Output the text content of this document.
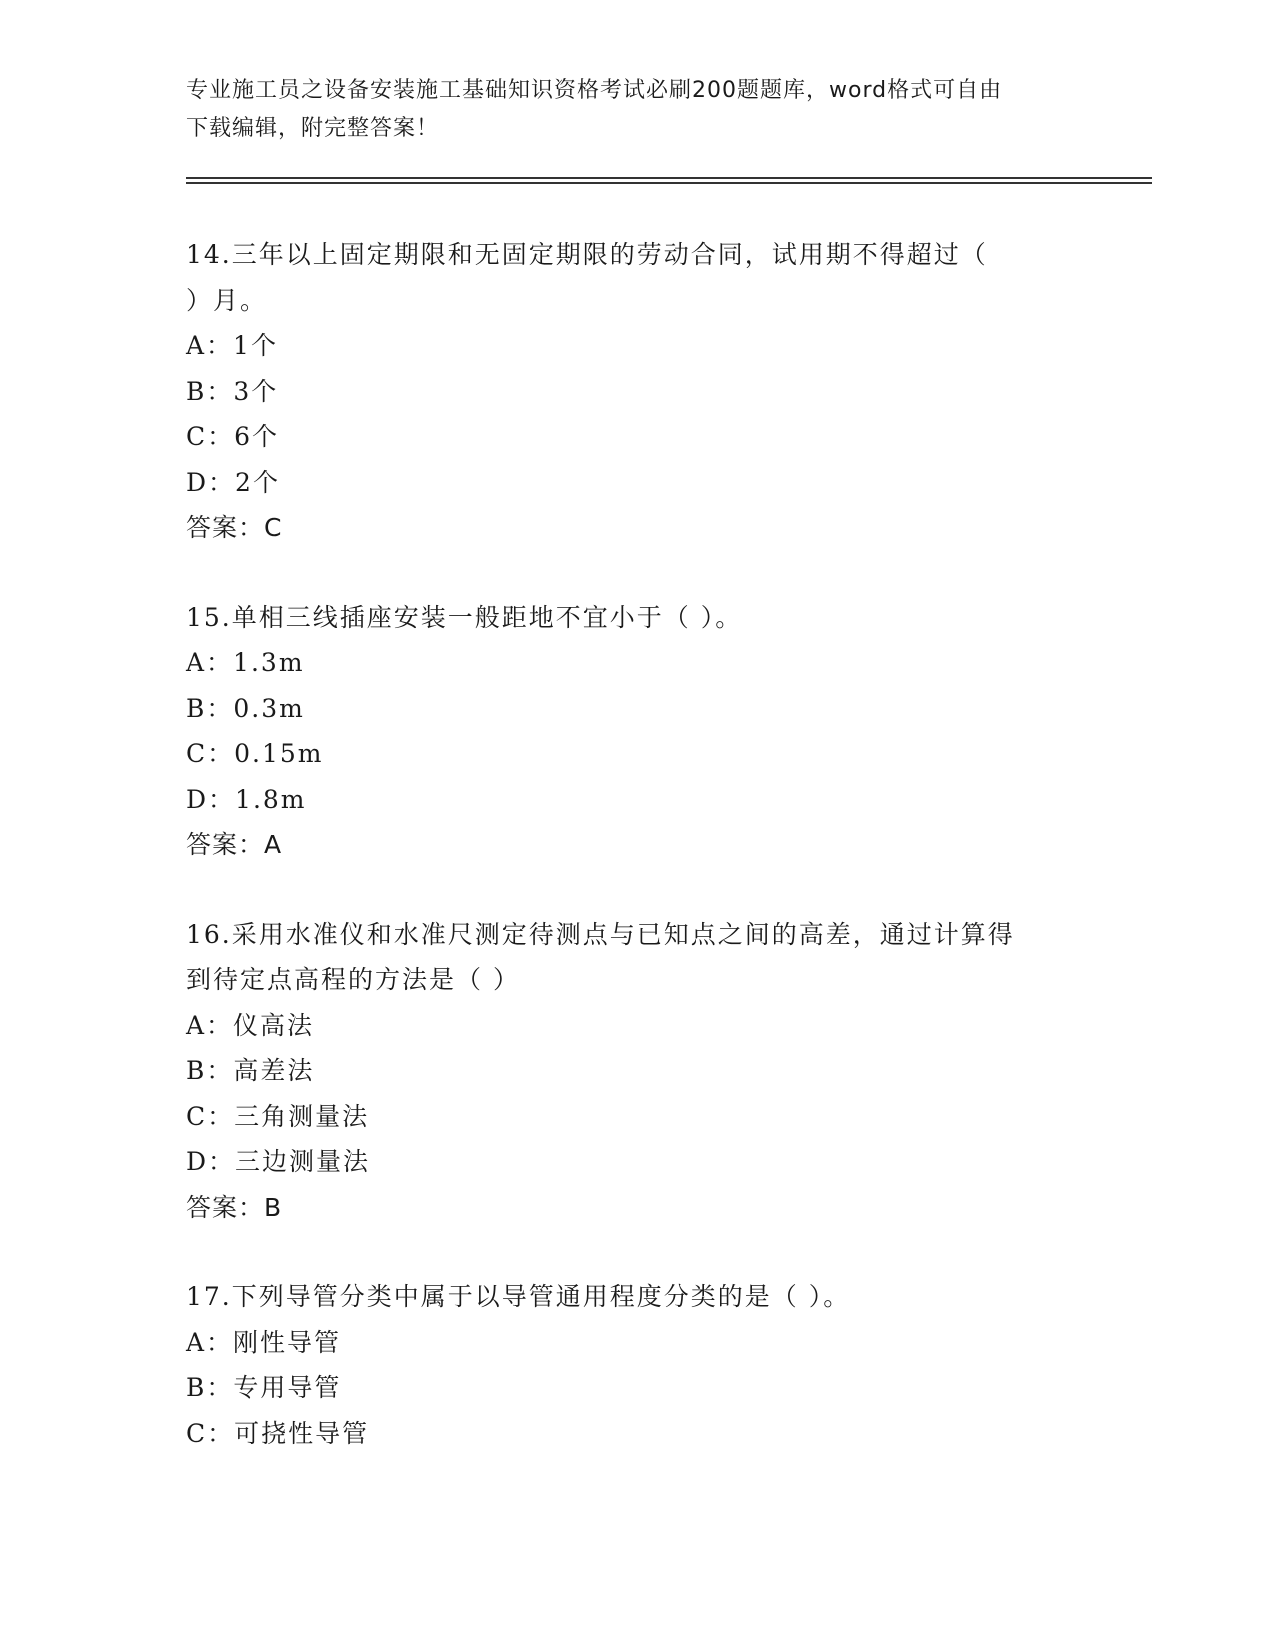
专业施工员之设备安装施工基础知识资格考试必刷200题题库，word格式可自由
下载编辑，附完整答案！
14.三年以上固定期限和无固定期限的劳动合同，试用期不得超过（
）月。
A：1个
B：3个
C：6个
D：2个
答案：C
15.单相三线插座安装一般距地不宜小于（ ）。
A：1.3m
B：0.3m
C：0.15m
D：1.8m
答案：A
16.采用水准仪和水准尺测定待测点与已知点之间的高差，通过计算得
到待定点高程的方法是（ ）
A：仪高法
B：高差法
C：三角测量法
D：三边测量法
答案：B
17.下列导管分类中属于以导管通用程度分类的是（ ）。
A：刚性导管
B：专用导管
C：可挠性导管
